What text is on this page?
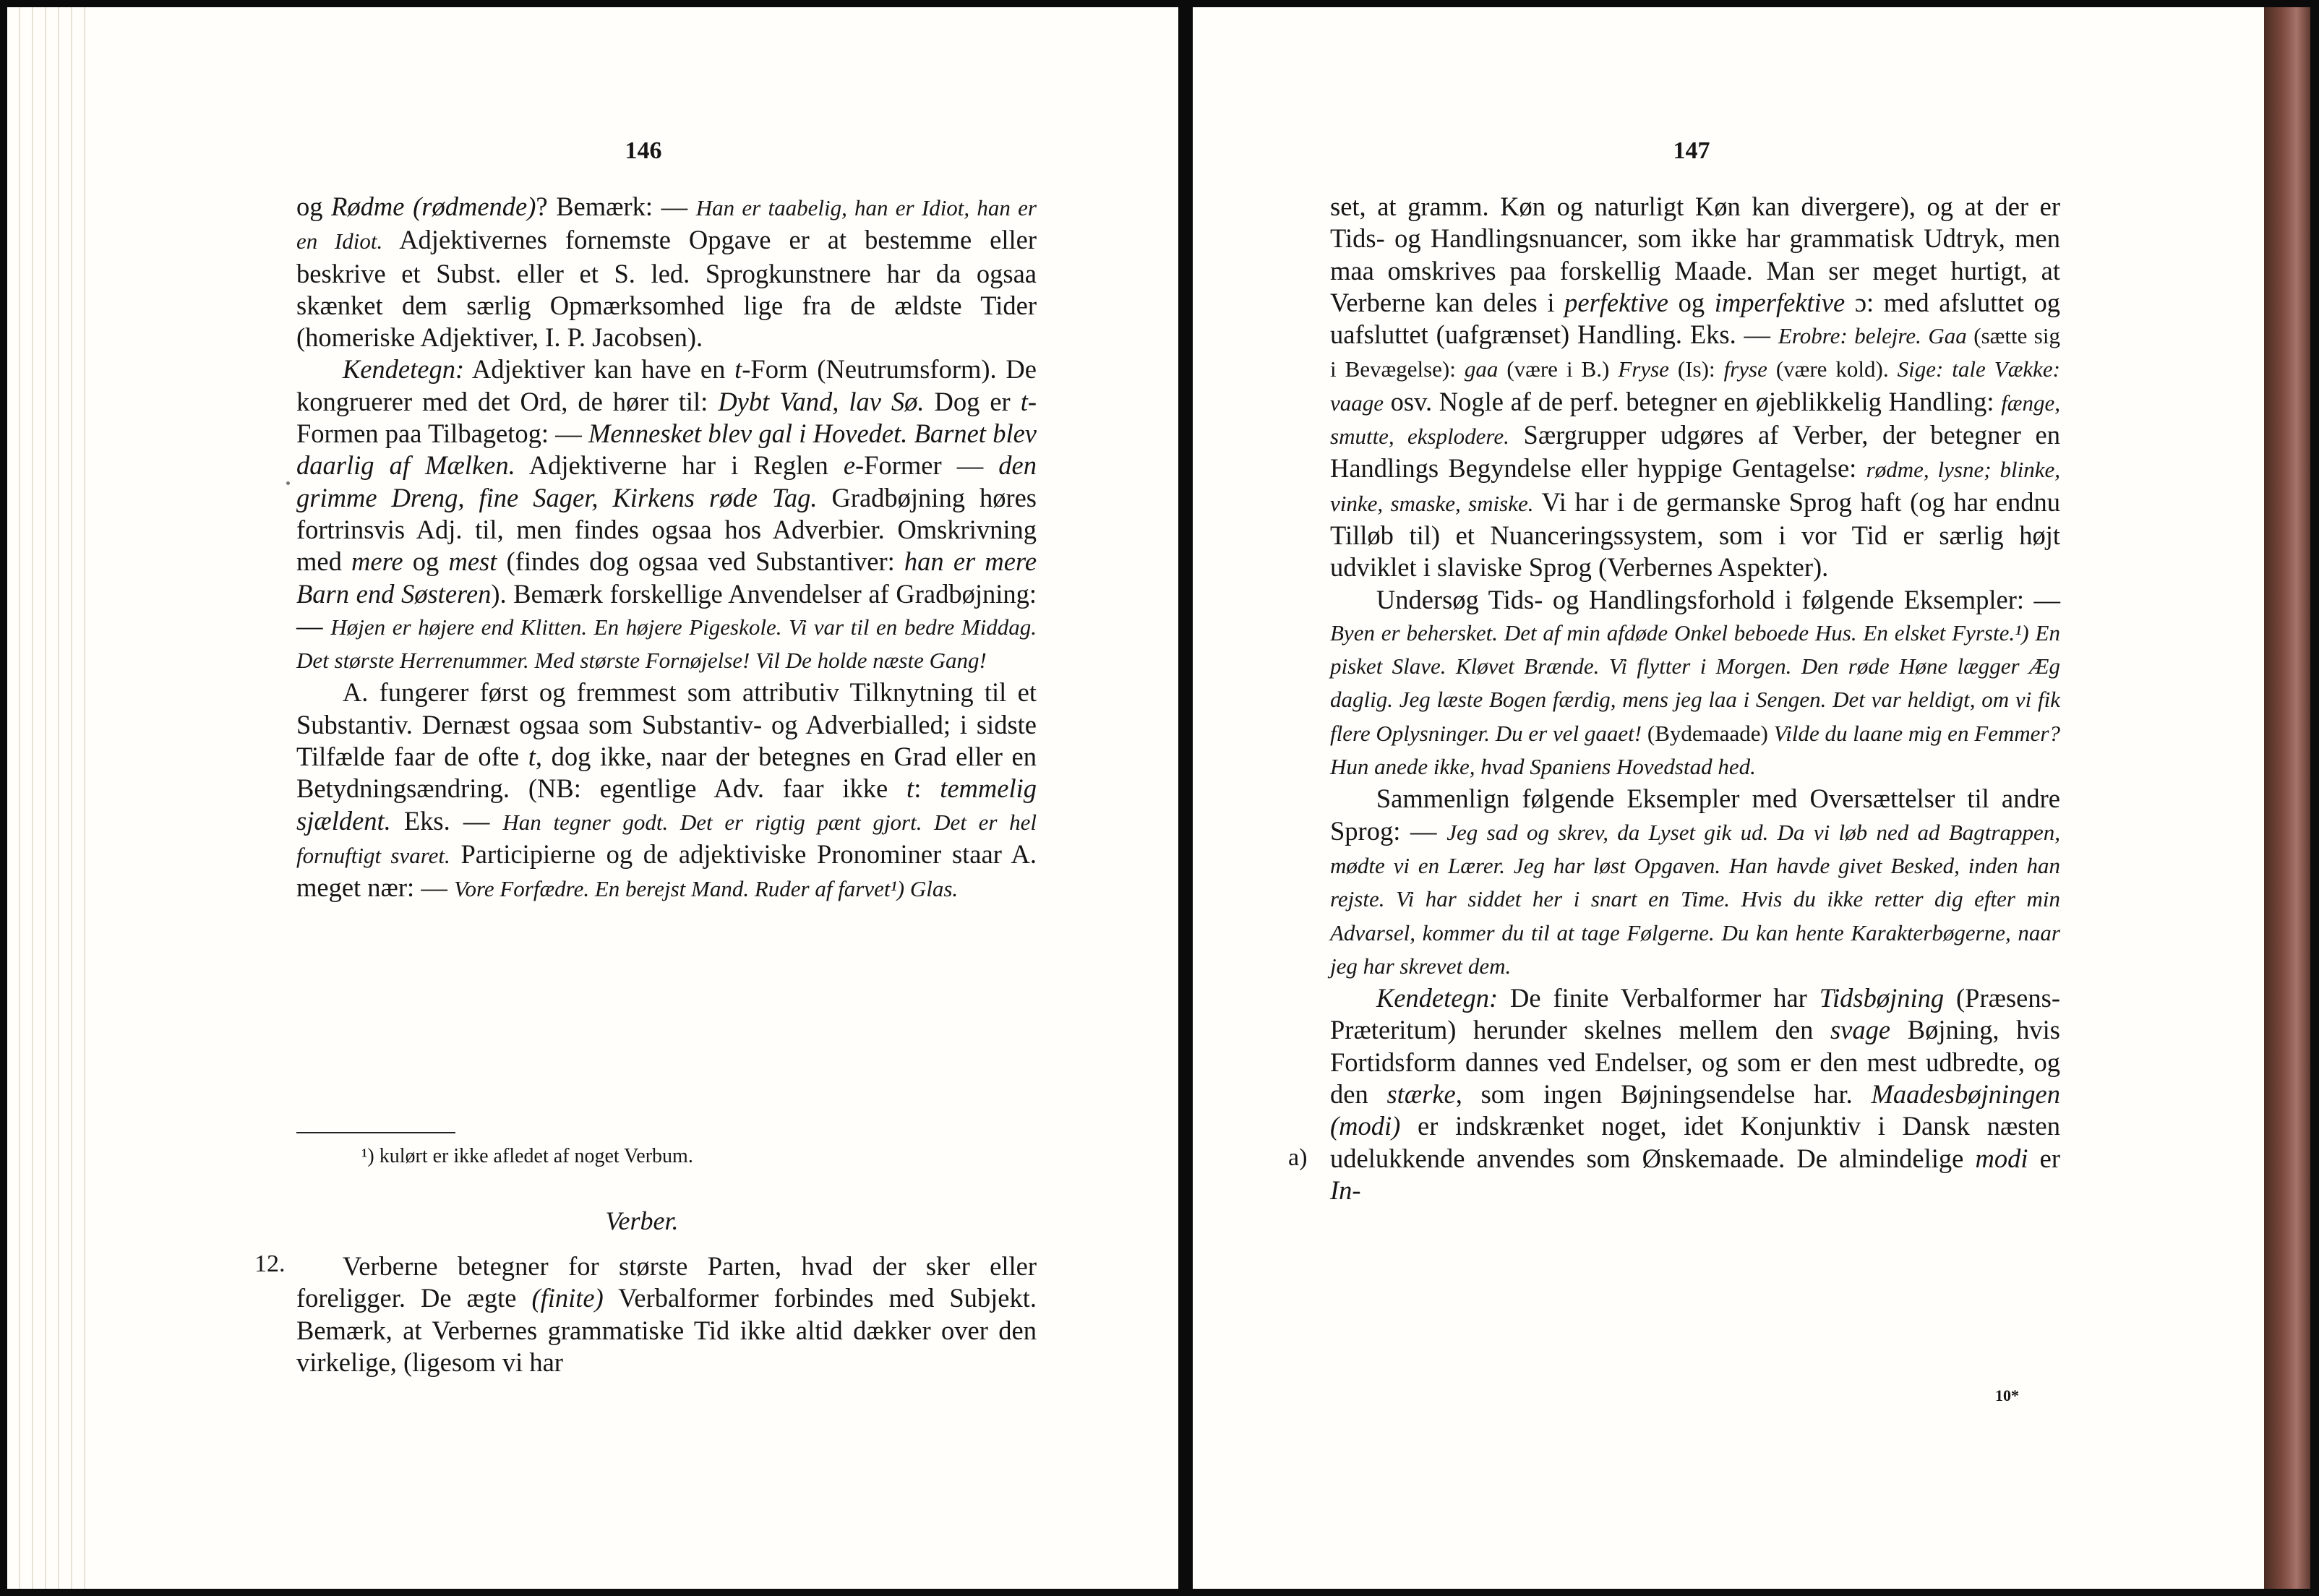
146

og Rødme (rødmende)? Bemærk: — Han er taabelig, han er Idiot, han er en Idiot. Adjektivernes fornemste Opgave er at bestemme eller beskrive et Subst. eller et S. led. Sprogkunstnere har da ogsaa skænket dem særlig Opmærksomhed lige fra de ældste Tider (homeriske Adjektiver, I. P. Jacobsen).

Kendetegn: Adjektiver kan have en t-Form (Neutrumsform). De kongruerer med det Ord, de hører til: Dybt Vand, lav Sø. Dog er t-Formen paa Tilbagetog: — Mennesket blev gal i Hovedet. Barnet blev daarlig af Mælken. Adjektiverne har i Reglen e-Former — den grimme Dreng, fine Sager, Kirkens røde Tag. Gradbøjning høres fortrinsvis Adj. til, men findes ogsaa hos Adverbier. Omskrivning med mere og mest (findes dog ogsaa ved Substantiver: han er mere Barn end Søsteren). Bemærk forskellige Anvendelser af Gradbøjning: — Højen er højere end Klitten. En højere Pigeskole. Vi var til en bedre Middag. Det største Herrenummer. Med største Fornøjelse! Vil De holde næste Gang!

A. fungerer først og fremmest som attributiv Tilknytning til et Substantiv. Dernæst ogsaa som Substantiv- og Adverbialled; i sidste Tilfælde faar de ofte t, dog ikke, naar der betegnes en Grad eller en Betydningsændring. (NB: egentlige Adv. faar ikke t: temmelig sjældent. Eks. — Han tegner godt. Det er rigtig pænt gjort. Det er hel fornuftigt svaret. Participierne og de adjektiviske Pronominer staar A. meget nær: — Vore Forfædre. En berejst Mand. Ruder af farvet¹) Glas.

¹) kulørt er ikke afledet af noget Verbum.
Verber.
12.	Verberne betegner for største Parten, hvad der sker eller foreligger. De ægte (finite) Verbalformer forbindes med Subjekt. Bemærk, at Verbernes grammatiske Tid ikke altid dækker over den virkelige, (ligesom vi har

147

set, at gramm. Køn og naturligt Køn kan divergere), og at der er Tids- og Handlingsnuancer, som ikke har grammatisk Udtryk, men maa omskrives paa forskellig Maade. Man ser meget hurtigt, at Verberne kan deles i perfektive og imperfektive ɔ: med afsluttet og uafsluttet (uafgrænset) Handling. Eks. — Erobre: belejre. Gaa (sætte sig i Bevægelse): gaa (være i B.) Fryse (Is): fryse (være kold). Sige: tale Vække: vaage osv. Nogle af de perf. betegner en øjeblikkelig Handling: fænge, smutte, eksplodere. Særgrupper udgøres af Verber, der betegner en Handlings Begyndelse eller hyppige Gentagelse: rødme, lysne; blinke, vinke, smaske, smiske. Vi har i de germanske Sprog haft (og har endnu Tilløb til) et Nuanceringssystem, som i vor Tid er særlig højt udviklet i slaviske Sprog (Verbernes Aspekter).

Undersøg Tids- og Handlingsforhold i følgende Eksempler: — Byen er behersket. Det af min afdøde Onkel beboede Hus. En elsket Fyrste.¹) En pisket Slave. Kløvet Brænde. Vi flytter i Morgen. Den røde Høne lægger Æg daglig. Jeg læste Bogen færdig, mens jeg laa i Sengen. Det var heldigt, om vi fik flere Oplysninger. Du er vel gaaet! (Bydemaade) Vilde du laane mig en Femmer? Hun anede ikke, hvad Spaniens Hovedstad hed.

Sammenlign følgende Eksempler med Oversættelser til andre Sprog: — Jeg sad og skrev, da Lyset gik ud. Da vi løb ned ad Bagtrappen, mødte vi en Lærer. Jeg har løst Opgaven. Han havde givet Besked, inden han rejste. Vi har siddet her i snart en Time. Hvis du ikke retter dig efter min Advarsel, kommer du til at tage Følgerne. Du kan hente Karakterbøgerne, naar jeg har skrevet dem.

Kendetegn: De finite Verbalformer har Tidsbøjning (Præsens-Præteritum) herunder skelnes mellem den svage Bøjning, hvis Fortidsform dannes ved Endelser, og som er den mest udbredte, og den stærke, som ingen Bøjningsendelse har. Maadesbøjningen (modi) er indskrænket noget, idet Konjunktiv i Dansk næsten udelukkende anvendes som Ønskemaade. De almindelige modi er In-

a)
10*
